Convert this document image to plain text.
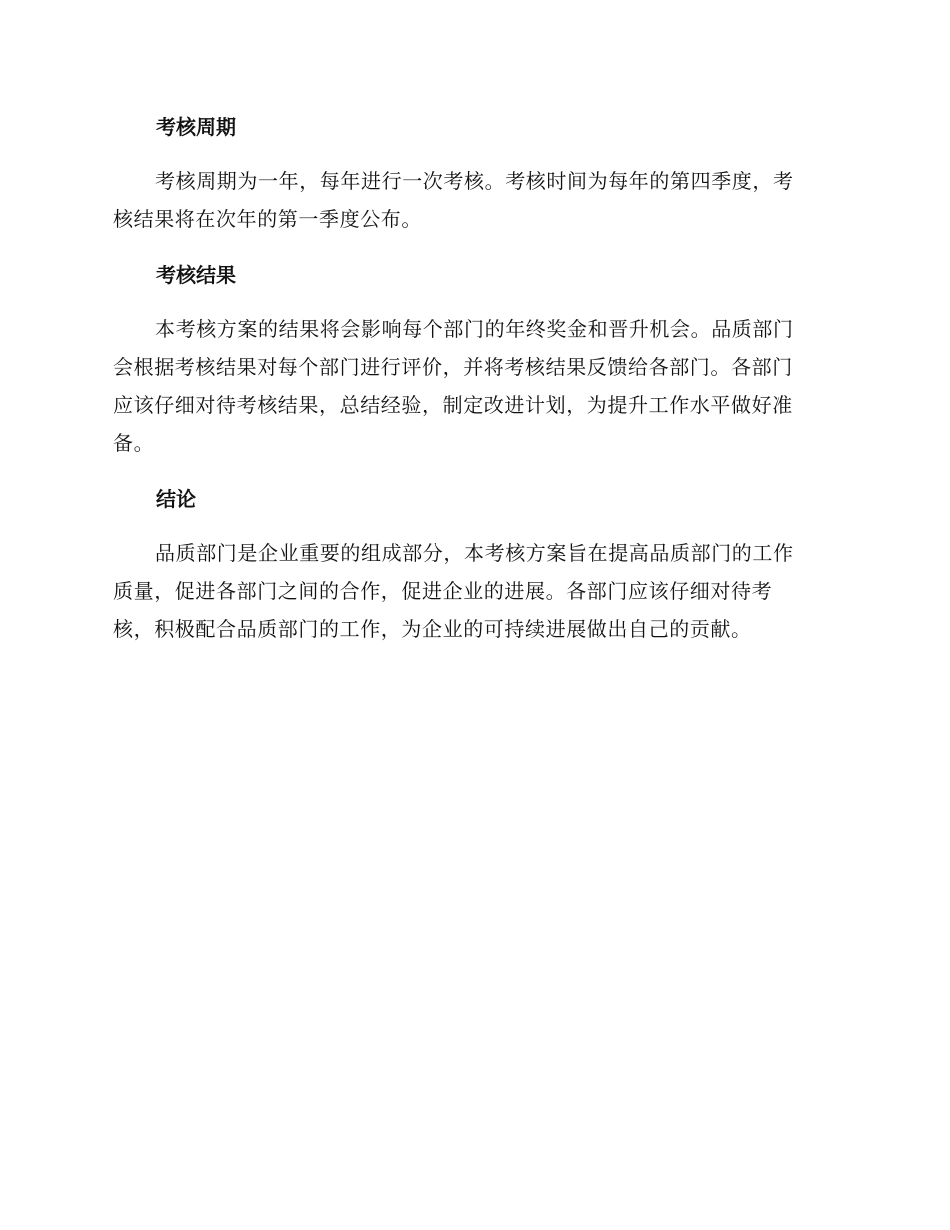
考核周期

考核周期为一年，每年进行一次考核。考核时间为每年的第四季度，考
核结果将在次年的第一季度公布。

考核结果

本考核方案的结果将会影响每个部门的年终奖金和晋升机会。品质部门
会根据考核结果对每个部门进行评价，并将考核结果反馈给各部门。各部门
应该仔细对待考核结果，总结经验，制定改进计划，为提升工作水平做好准
备。

结论

品质部门是企业重要的组成部分，本考核方案旨在提高品质部门的工作
质量，促进各部门之间的合作，促进企业的进展。各部门应该仔细对待考
核，积极配合品质部门的工作，为企业的可持续进展做出自己的贡献。
